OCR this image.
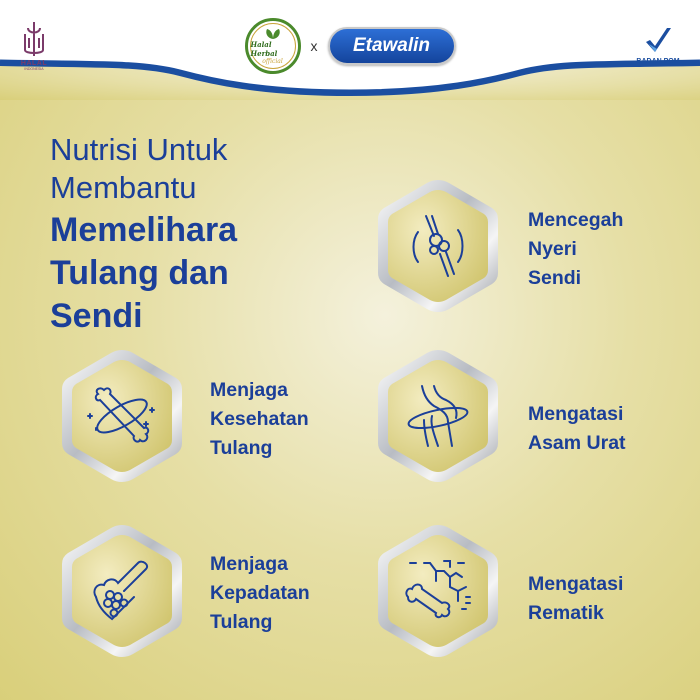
HALAL
INDONESIA
Halal Herbal
official
x	Etawalin
BADAN POM
Nutrisi Untuk
Membantu
Memelihara
Tulang dan
Sendi
Mencegah
Nyeri
Sendi
Menjaga
Kesehatan
Tulang
Mengatasi
Asam Urat
Menjaga
Kepadatan
Tulang
Mengatasi
Rematik
